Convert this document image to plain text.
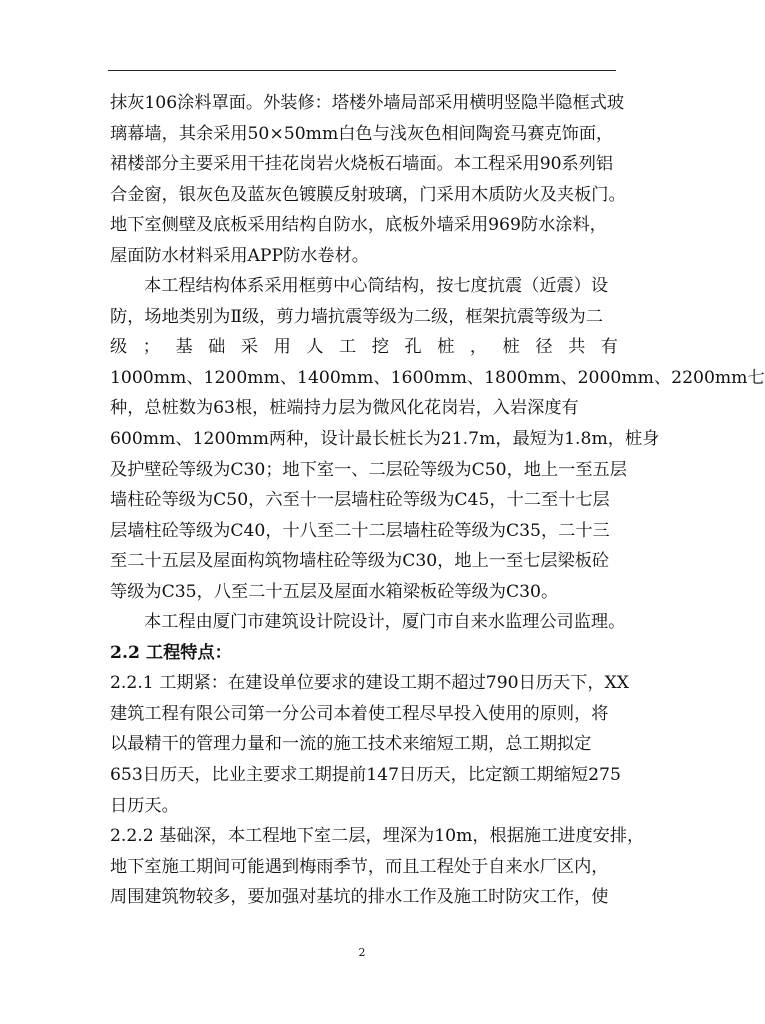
抹灰106涂料罩面。外装修：塔楼外墙局部采用横明竖隐半隐框式玻
璃幕墙，其余采用50×50mm白色与浅灰色相间陶瓷马赛克饰面，
裙楼部分主要采用干挂花岗岩火烧板石墙面。本工程采用90系列铝
合金窗，银灰色及蓝灰色镀膜反射玻璃，门采用木质防火及夹板门。
地下室侧壁及底板采用结构自防水，底板外墙采用969防水涂料，
屋面防水材料采用APP防水卷材。
本工程结构体系采用框剪中心筒结构，按七度抗震（近震）设
防，场地类别为Ⅱ级，剪力墙抗震等级为二级，框架抗震等级为二
级 ； 基 础 采 用 人 工 挖 孔 桩 ， 桩 径 共 有
1000mm、1200mm、1400mm、1600mm、1800mm、2000mm、2200mm七
种，总桩数为63根，桩端持力层为微风化花岗岩，入岩深度有
600mm、1200mm两种，设计最长桩长为21.7m，最短为1.8m，桩身
及护壁砼等级为C30；地下室一、二层砼等级为C50，地上一至五层
墙柱砼等级为C50，六至十一层墙柱砼等级为C45，十二至十七层
层墙柱砼等级为C40，十八至二十二层墙柱砼等级为C35，二十三
至二十五层及屋面构筑物墙柱砼等级为C30，地上一至七层梁板砼
等级为C35，八至二十五层及屋面水箱梁板砼等级为C30。
本工程由厦门市建筑设计院设计，厦门市自来水监理公司监理。
2.2 工程特点：
2.2.1 工期紧：在建设单位要求的建设工期不超过790日历天下，XX
建筑工程有限公司第一分公司本着使工程尽早投入使用的原则，将
以最精干的管理力量和一流的施工技术来缩短工期，总工期拟定
653日历天，比业主要求工期提前147日历天，比定额工期缩短275
日历天。
2.2.2 基础深，本工程地下室二层，埋深为10m，根据施工进度安排，
地下室施工期间可能遇到梅雨季节，而且工程处于自来水厂区内，
周围建筑物较多，要加强对基坑的排水工作及施工时防灾工作，使
2
